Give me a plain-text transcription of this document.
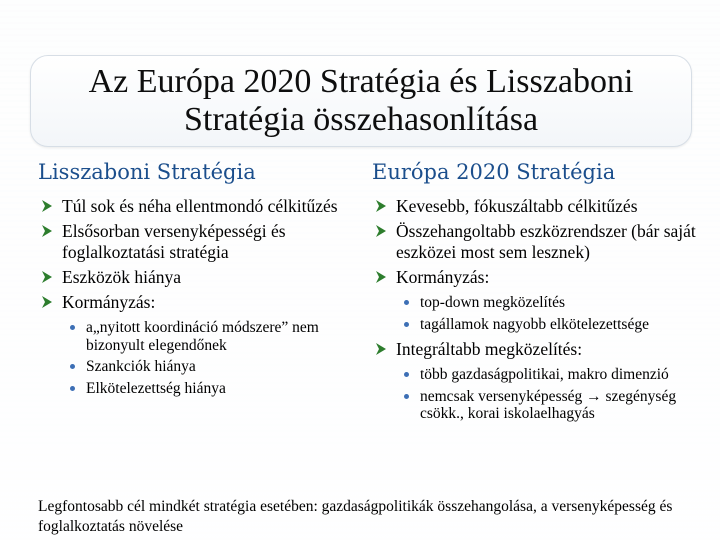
Az Európa 2020 Stratégia és Lisszaboni
Stratégia összehasonlítása
Lisszaboni Stratégia	Európa 2020 Stratégia
Túl sok és néha ellentmondó célkitűzés
Elsősorban versenyképességi és foglalkoztatási stratégia
Eszközök hiánya
Kormányzás:
a„nyitott koordináció módszere” nem bizonyult elegendőnek
Szankciók hiánya
Elkötelezettség hiánya
Kevesebb, fókuszáltabb célkitűzés
Összehangoltabb eszközrendszer (bár saját eszközei most sem lesznek)
Kormányzás:
top-down megközelítés
tagállamok nagyobb elkötelezettsége
Integráltabb megközelítés:
több gazdaságpolitikai, makro dimenzió
nemcsak versenyképesség → szegénység csökk., korai iskolaelhagyás
Legfontosabb cél mindkét stratégia esetében: gazdaságpolitikák összehangolása, a versenyképesség és foglalkoztatás növelése
